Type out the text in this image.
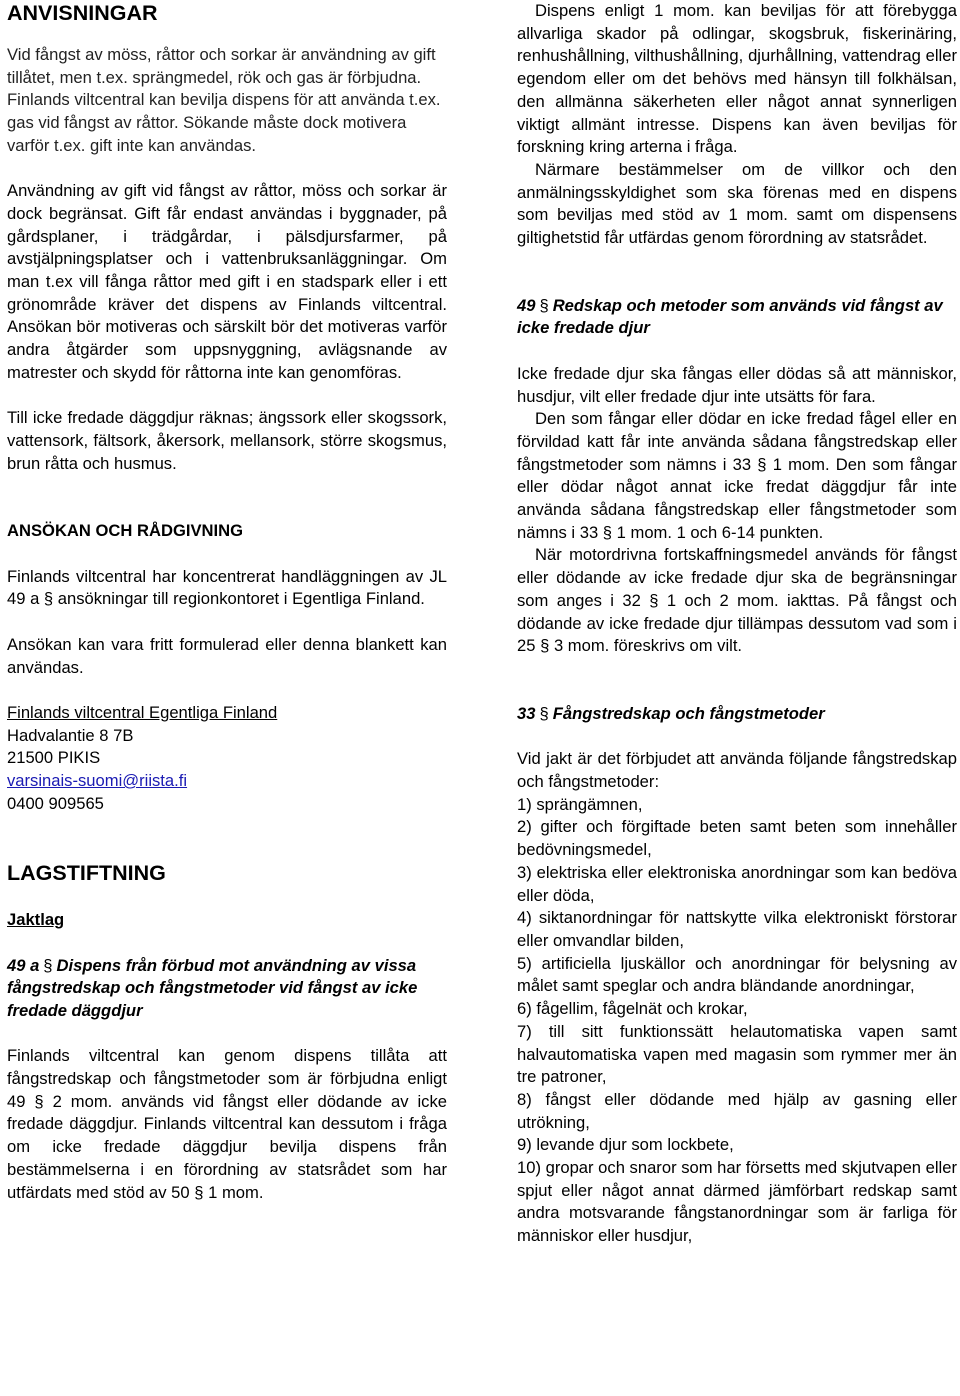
ANVISNINGAR

Vid fångst av möss, råttor och sorkar är användning av gift tillåtet, men t.ex. sprängmedel, rök och gas är förbjudna. Finlands viltcentral kan bevilja dispens för att använda t.ex. gas vid fångst av råttor. Sökande måste dock motivera varför t.ex. gift inte kan användas.

Användning av gift vid fångst av råttor, möss och sorkar är dock begränsat. Gift får endast användas i byggnader, på gårdsplaner, i trädgårdar, i pälsdjursfarmer, på avstjälpningsplatser och i vattenbruksanläggningar. Om man t.ex vill fånga råttor med gift i en stadspark eller i ett grönområde kräver det dispens av Finlands viltcentral. Ansökan bör motiveras och särskilt bör det motiveras varför andra åtgärder som uppsnyggning, avlägsnande av matrester och skydd för råttorna inte kan genomföras.

Till icke fredade däggdjur räknas; ängssork eller skogssork, vattensork, fältsork, åkersork, mellansork, större skogsmus, brun råtta och husmus.

ANSÖKAN OCH RÅDGIVNING

Finlands viltcentral har koncentrerat handläggningen av JL 49 a § ansökningar till regionkontoret i Egentliga Finland.

Ansökan kan vara fritt formulerad eller denna blankett kan användas.

Finlands viltcentral Egentliga Finland
Hadvalantie 8 7B
21500 PIKIS
varsinais-suomi@riista.fi
0400 909565
LAGSTIFTNING
Jaktlag

49 a § Dispens från förbud mot användning av vissa fångstredskap och fångstmetoder vid fångst av icke fredade däggdjur

Finlands viltcentral kan genom dispens tillåta att fångstredskap och fångstmetoder som är förbjudna enligt 49 § 2 mom. används vid fångst eller dödande av icke fredade däggdjur. Finlands viltcentral kan dessutom i fråga om icke fredade däggdjur bevilja dispens från bestämmelserna i en förordning av statsrådet som har utfärdats med stöd av 50 § 1 mom.

Dispens enligt 1 mom. kan beviljas för att förebygga allvarliga skador på odlingar, skogsbruk, fiskerinäring, renhushållning, vilthushållning, djurhållning, vattendrag eller egendom eller om det behövs med hänsyn till folkhälsan, den allmänna säkerheten eller något annat synnerligen viktigt allmänt intresse. Dispens kan även beviljas för forskning kring arterna i fråga.

Närmare bestämmelser om de villkor och den anmälningsskyldighet som ska förenas med en dispens som beviljas med stöd av 1 mom. samt om dispensens giltighetstid får utfärdas genom förordning av statsrådet.

49 § Redskap och metoder som används vid fångst av icke fredade djur

Icke fredade djur ska fångas eller dödas så att människor, husdjur, vilt eller fredade djur inte utsätts för fara.

Den som fångar eller dödar en icke fredad fågel eller en förvildad katt får inte använda sådana fångstredskap eller fångstmetoder som nämns i 33 § 1 mom. Den som fångar eller dödar något annat icke fredat däggdjur får inte använda sådana fångstredskap eller fångstmetoder som nämns i 33 § 1 mom. 1 och 6-14 punkten.

När motordrivna fortskaffningsmedel används för fångst eller dödande av icke fredade djur ska de begränsningar som anges i 32 § 1 och 2 mom. iakttas. På fångst och dödande av icke fredade djur tillämpas dessutom vad som i 25 § 3 mom. föreskrivs om vilt.

33 § Fångstredskap och fångstmetoder

Vid jakt är det förbjudet att använda följande fångstredskap och fångstmetoder:

1) sprängämnen,

2) gifter och förgiftade beten samt beten som innehåller bedövningsmedel,

3) elektriska eller elektroniska anordningar som kan bedöva eller döda,

4) siktanordningar för nattskytte vilka elektroniskt förstorar eller omvandlar bilden,

5) artificiella ljuskällor och anordningar för belysning av målet samt speglar och andra bländande anordningar,

6) fågellim, fågelnät och krokar,

7) till sitt funktionssätt helautomatiska vapen samt halvautomatiska vapen med magasin som rymmer mer än tre patroner,

8) fångst eller dödande med hjälp av gasning eller utrökning,

9) levande djur som lockbete,

10) gropar och snaror som har försetts med skjutvapen eller spjut eller något annat därmed jämförbart redskap samt andra motsvarande fångstanordningar som är farliga för människor eller husdjur,
